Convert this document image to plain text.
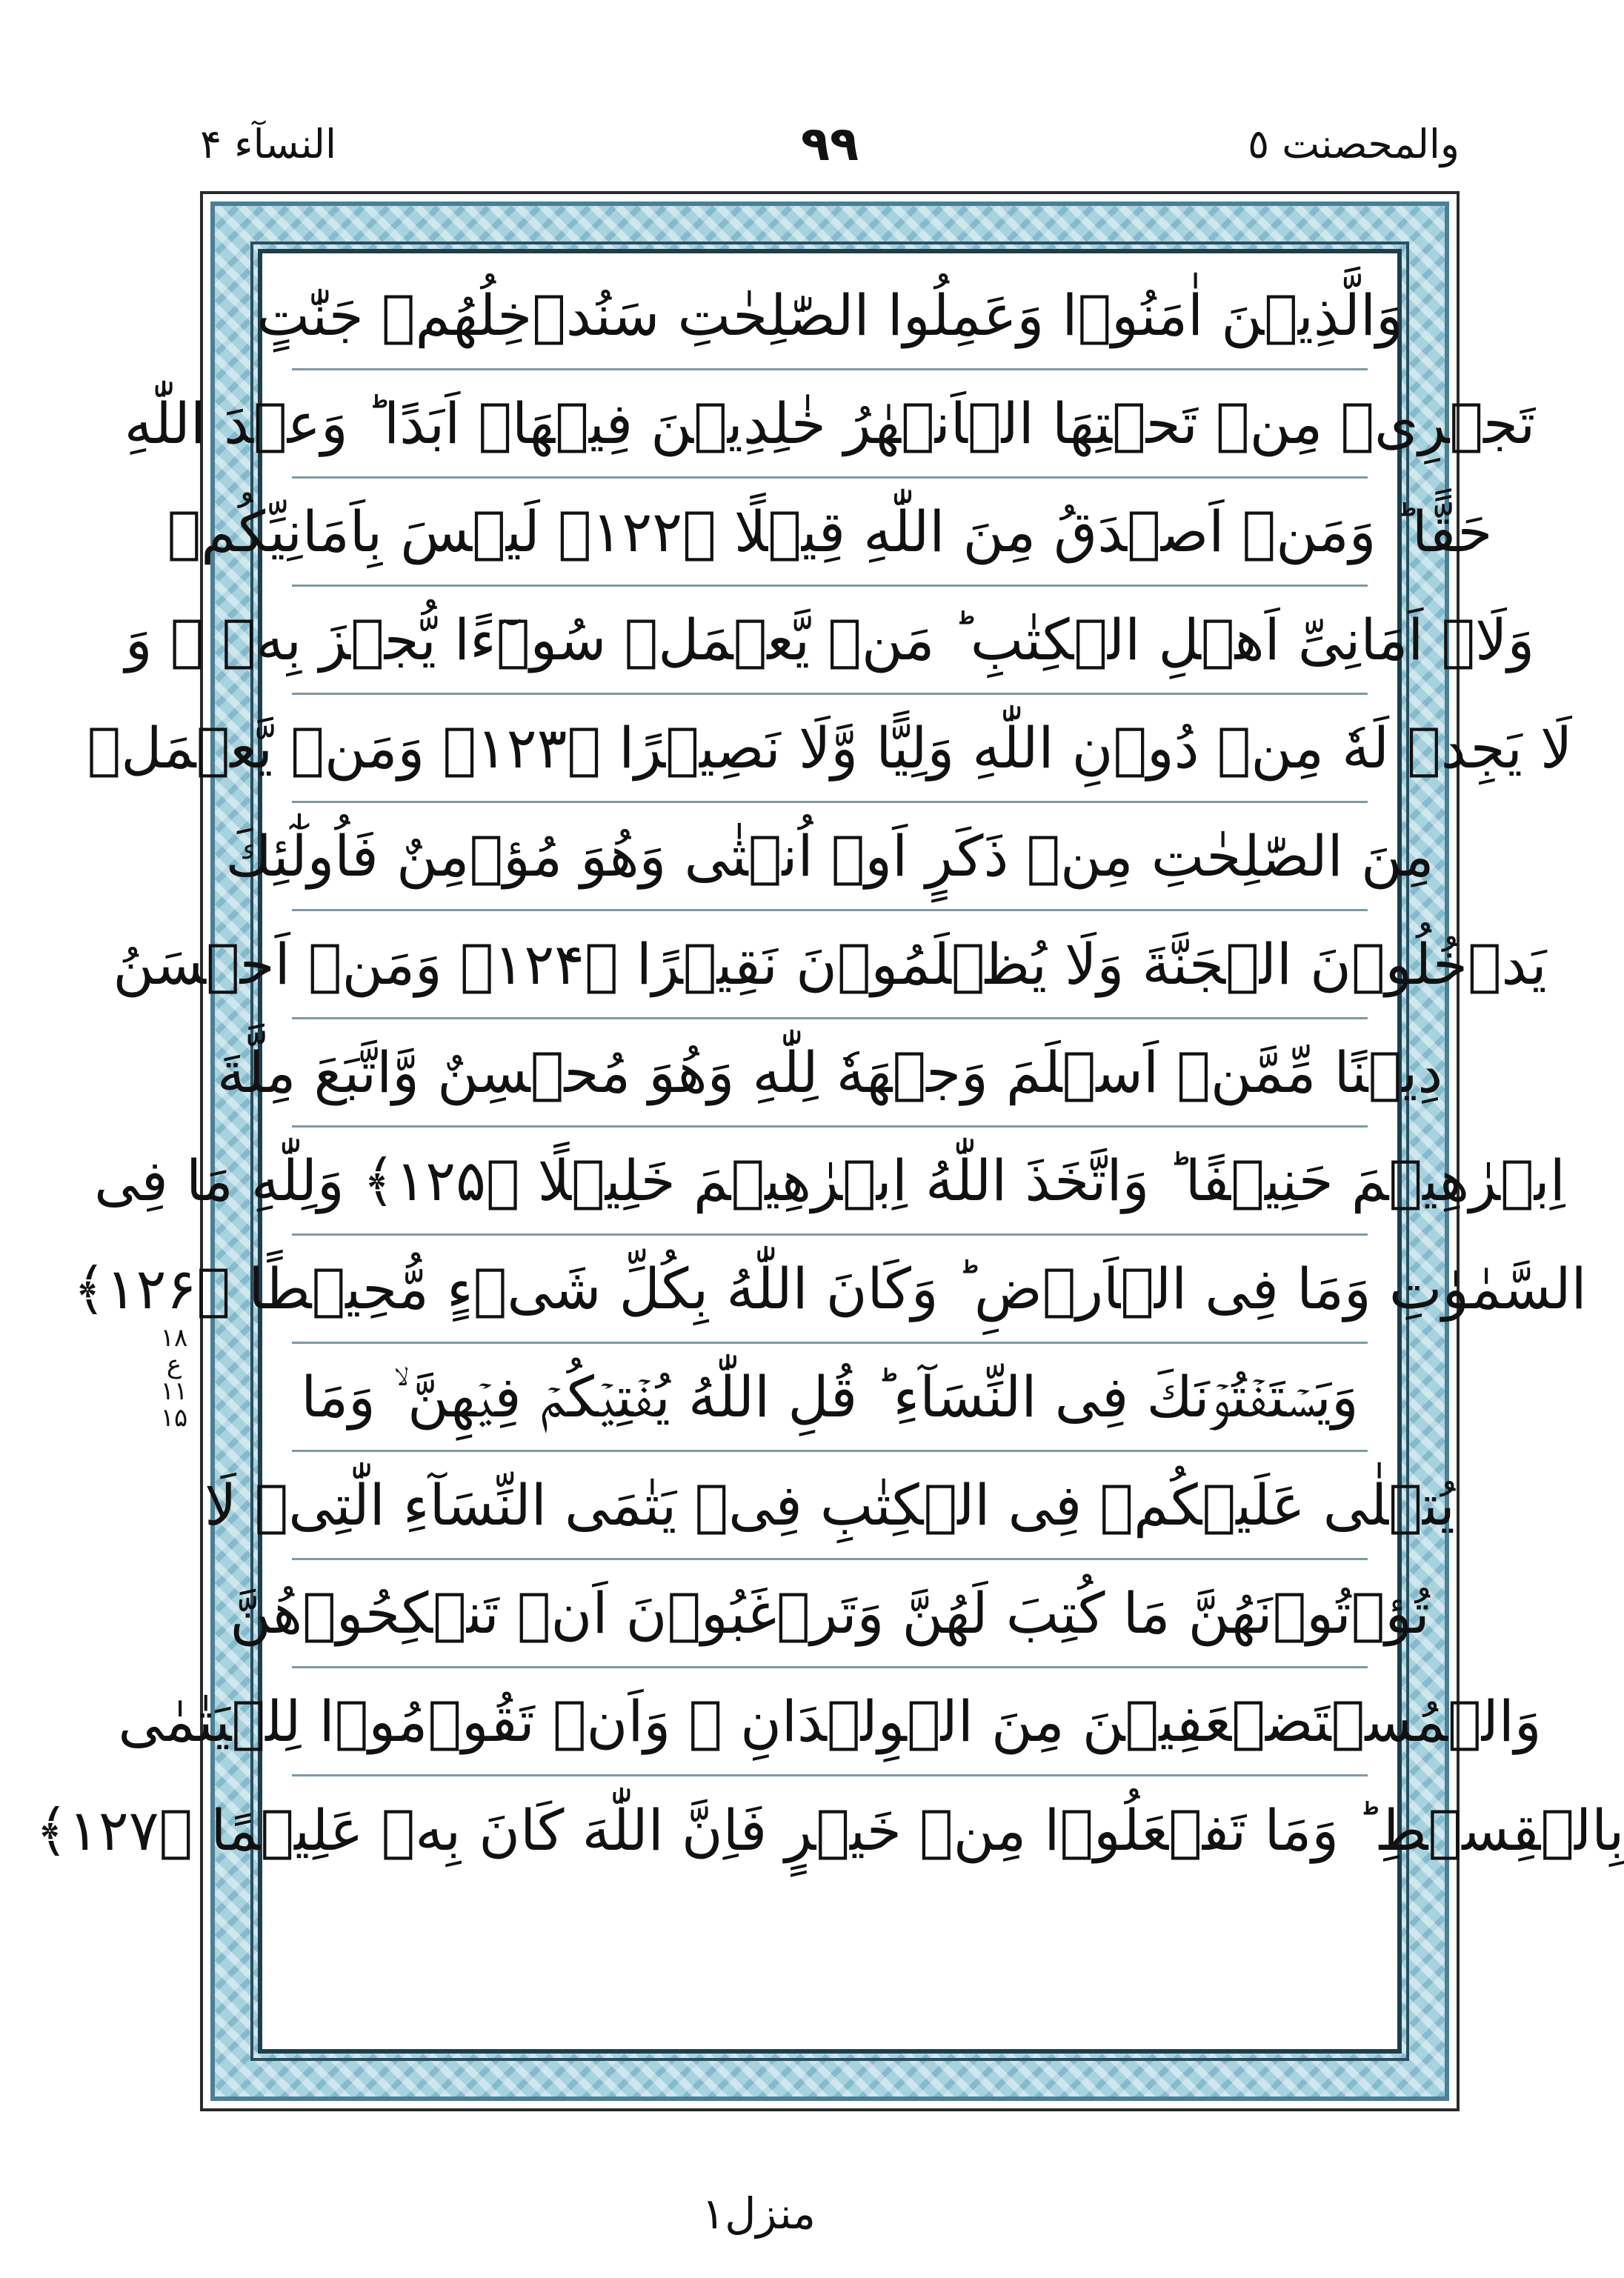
النسآء ۴	٩٩	والمحصنت ٥
۱۸
ع
۱۱
۱۵
وَالَّذِیۡنَ اٰمَنُوۡا وَعَمِلُوا الصّٰلِحٰتِ سَنُدۡخِلُهُمۡ جَنّٰتٍ
تَجۡرِیۡ مِنۡ تَحۡتِهَا الۡاَنۡهٰرُ خٰلِدِیۡنَ فِیۡهَاۤ اَبَدًا ؕ وَعۡدَ اللّٰهِ
حَقًّا ؕ وَمَنۡ اَصۡدَقُ مِنَ اللّٰهِ قِیۡلًا ﴿۱۲۲﴾ لَیۡسَ بِاَمَانِیِّكُمۡ
وَلَاۤ اَمَانِیِّ اَهۡلِ الۡكِتٰبِ ؕ مَنۡ یَّعۡمَلۡ سُوۡٓءًا یُّجۡزَ بِهٖ ۙ وَ
لَا یَجِدۡ لَهٗ مِنۡ دُوۡنِ اللّٰهِ وَلِیًّا وَّلَا نَصِیۡرًا ﴿۱۲۳﴾ وَمَنۡ یَّعۡمَلۡ
مِنَ الصّٰلِحٰتِ مِنۡ ذَكَرٍ اَوۡ اُنۡثٰی وَهُوَ مُؤۡمِنٌ فَاُولٰٓئِكَ
یَدۡخُلُوۡنَ الۡجَنَّةَ وَلَا یُظۡلَمُوۡنَ نَقِیۡرًا ﴿۱۲۴﴾ وَمَنۡ اَحۡسَنُ
دِیۡنًا مِّمَّنۡ اَسۡلَمَ وَجۡهَهٗ لِلّٰهِ وَهُوَ مُحۡسِنٌ وَّاتَّبَعَ مِلَّةَ
اِبۡرٰهِیۡمَ حَنِیۡفًا ؕ وَاتَّخَذَ اللّٰهُ اِبۡرٰهِیۡمَ خَلِیۡلًا ﴿۱۲۵﴾ وَلِلّٰهِ مَا فِی
السَّمٰوٰتِ وَمَا فِی الۡاَرۡضِ ؕ وَكَانَ اللّٰهُ بِكُلِّ شَیۡءٍ مُّحِیۡطًا ﴿۱۲۶﴾
وَیَسۡتَفۡتُوۡنَكَ فِی النِّسَآءِ ؕ قُلِ اللّٰهُ یُفۡتِیۡكُمۡ فِیۡهِنَّ ۙ وَمَا
یُتۡلٰی عَلَیۡكُمۡ فِی الۡكِتٰبِ فِیۡ یَتٰمَی النِّسَآءِ الّٰتِیۡ لَا
تُؤۡتُوۡنَهُنَّ مَا كُتِبَ لَهُنَّ وَتَرۡغَبُوۡنَ اَنۡ تَنۡكِحُوۡهُنَّ
وَالۡمُسۡتَضۡعَفِیۡنَ مِنَ الۡوِلۡدَانِ ۙ وَاَنۡ تَقُوۡمُوۡا لِلۡیَتٰمٰی
بِالۡقِسۡطِ ؕ وَمَا تَفۡعَلُوۡا مِنۡ خَیۡرٍ فَاِنَّ اللّٰهَ كَانَ بِهٖ عَلِیۡمًا ﴿۱۲۷﴾
منزل۱
